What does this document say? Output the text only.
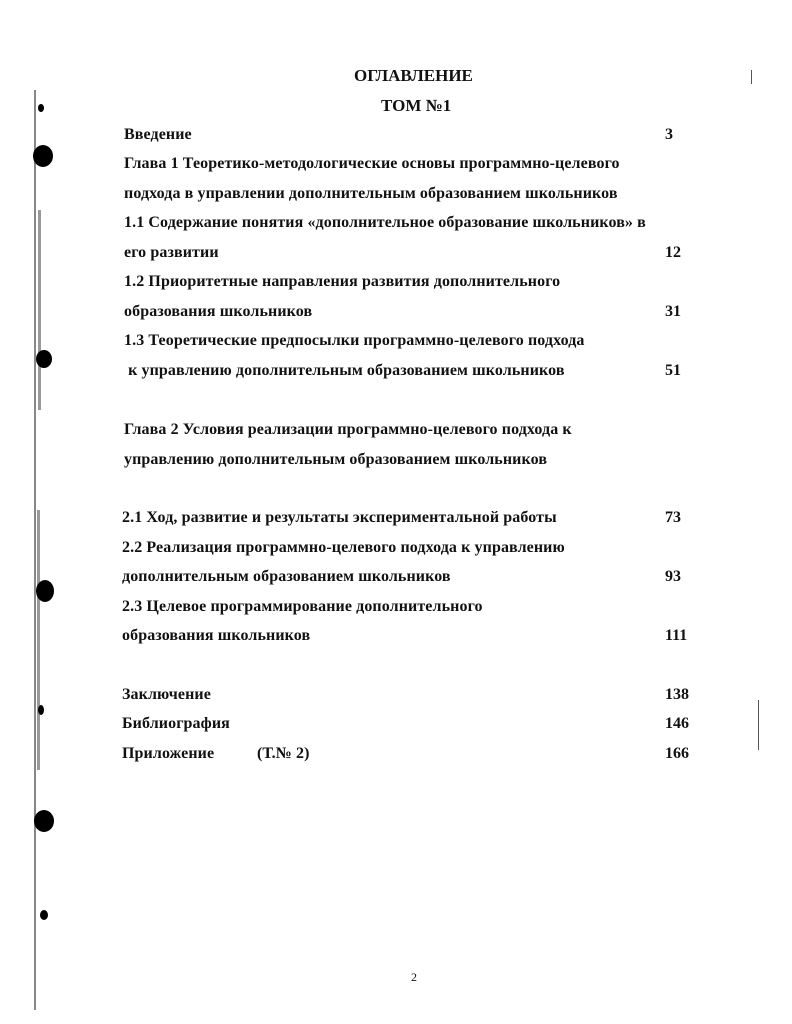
ОГЛАВЛЕНИЕ
ТОМ №1
Введение	3
Глава 1 Теоретико-методологические основы программно-целевого
подхода в управлении дополнительным образованием школьников
1.1 Содержание понятия «дополнительное образование школьников» в
его развитии	12
1.2 Приоритетные направления развития дополнительного
образования школьников	31
1.3 Теоретические предпосылки программно-целевого подхода
к управлению дополнительным образованием школьников	51
Глава 2 Условия реализации программно-целевого подхода к
управлению дополнительным образованием школьников
2.1 Ход, развитие и результаты экспериментальной работы	73
2.2 Реализация программно-целевого подхода к управлению
дополнительным образованием школьников	93
2.3 Целевое программирование дополнительного
образования школьников	111
Заключение	138
Библиография	146
Приложение	(Т.№ 2)	166
2
